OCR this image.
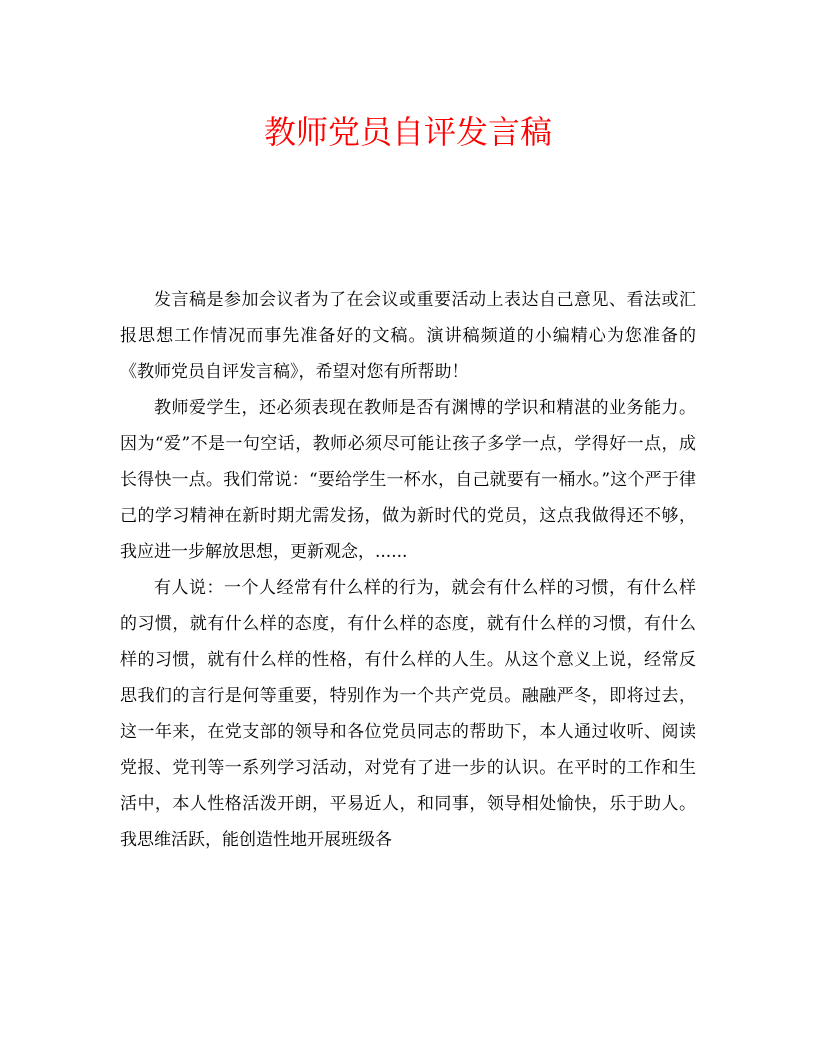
教师党员自评发言稿

发言稿是参加会议者为了在会议或重要活动上表达自己意见、看法或汇报思想工作情况而事先准备好的文稿。演讲稿频道的小编精心为您准备的《教师党员自评发言稿》，希望对您有所帮助！

教师爱学生，还必须表现在教师是否有渊博的学识和精湛的业务能力。因为“爱”不是一句空话，教师必须尽可能让孩子多学一点，学得好一点，成长得快一点。我们常说：“要给学生一杯水，自己就要有一桶水。”这个严于律己的学习精神在新时期尤需发扬，做为新时代的党员，这点我做得还不够，我应进一步解放思想，更新观念，......

有人说：一个人经常有什么样的行为，就会有什么样的习惯，有什么样的习惯，就有什么样的态度，有什么样的态度，就有什么样的习惯，有什么样的习惯，就有什么样的性格，有什么样的人生。从这个意义上说，经常反思我们的言行是何等重要，特别作为一个共产党员。融融严冬，即将过去，这一年来，在党支部的领导和各位党员同志的帮助下，本人通过收听、阅读党报、党刊等一系列学习活动，对党有了进一步的认识。在平时的工作和生活中，本人性格活泼开朗，平易近人，和同事，领导相处愉快，乐于助人。我思维活跃，能创造性地开展班级各
